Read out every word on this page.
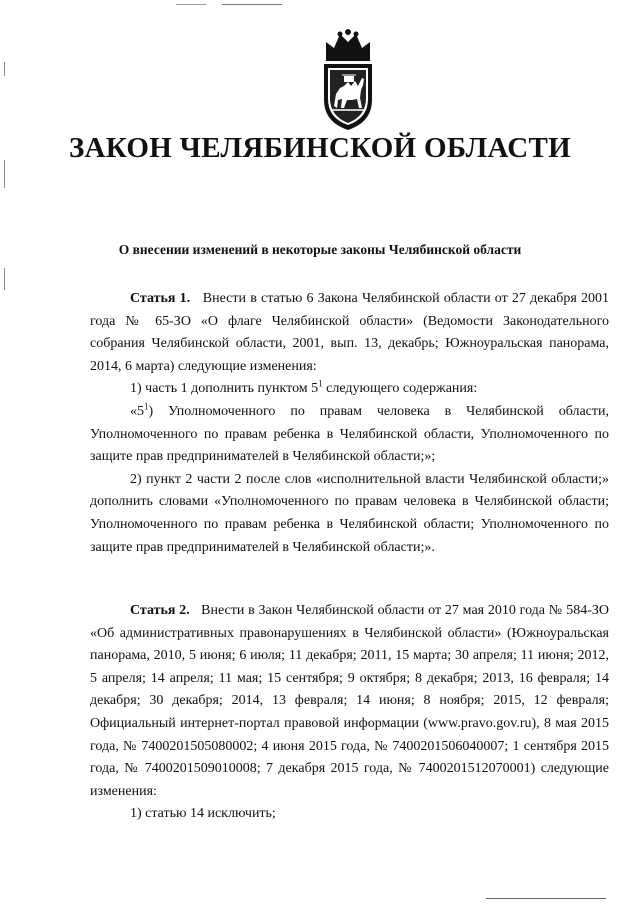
ЗАКОН ЧЕЛЯБИНСКОЙ ОБЛАСТИ
О внесении изменений в некоторые законы Челябинской области

Статья 1. Внести в статью 6 Закона Челябинской области от 27 декабря 2001 года № 65-ЗО «О флаге Челябинской области» (Ведомости Законодательного собрания Челябинской области, 2001, вып. 13, декабрь; Южноуральская панорама, 2014, 6 марта) следующие изменения:

1) часть 1 дополнить пунктом $5^1$ следующего содержания:

«$5^1$) Уполномоченного по правам человека в Челябинской области, Уполномоченного по правам ребенка в Челябинской области, Уполномоченного по защите прав предпринимателей в Челябинской области;»;

2) пункт 2 части 2 после слов «исполнительной власти Челябинской области;» дополнить словами «Уполномоченного по правам человека в Челябинской области; Уполномоченного по правам ребенка в Челябинской области; Уполномоченного по защите прав предпринимателей в Челябинской области;».

Статья 2. Внести в Закон Челябинской области от 27 мая 2010 года № 584-ЗО «Об административных правонарушениях в Челябинской области» (Южноуральская панорама, 2010, 5 июня; 6 июля; 11 декабря; 2011, 15 марта; 30 апреля; 11 июня; 2012, 5 апреля; 14 апреля; 11 мая; 15 сентября; 9 октября; 8 декабря; 2013, 16 февраля; 14 декабря; 30 декабря; 2014, 13 февраля; 14 июня; 8 ноября; 2015, 12 февраля; Официальный интернет-портал правовой информации (www.pravo.gov.ru), 8 мая 2015 года, № 7400201505080002; 4 июня 2015 года, № 7400201506040007; 1 сентября 2015 года, № 7400201509010008; 7 декабря 2015 года, № 7400201512070001) следующие изменения:

1) статью 14 исключить;
